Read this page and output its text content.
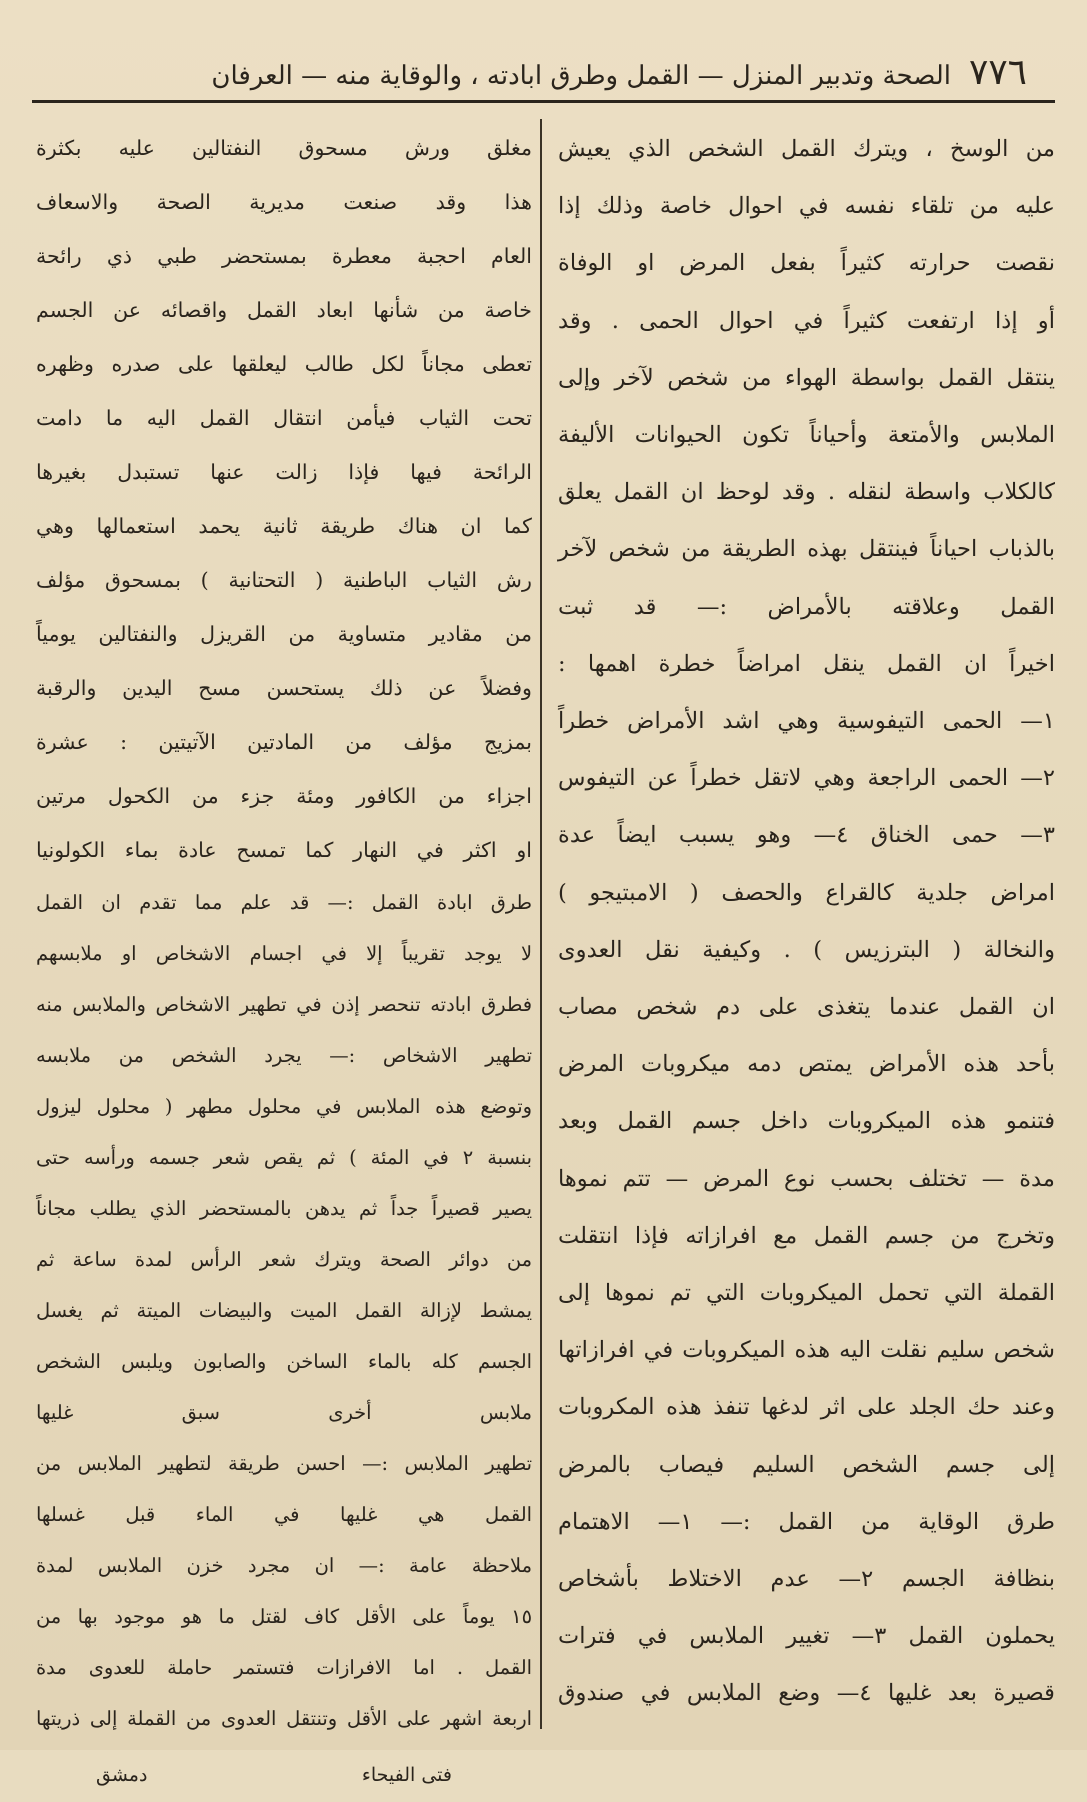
٧٧٦
الصحة وتدبير المنزل — القمل وطرق ابادته ، والوقاية منه — العرفان
من الوسخ ، ويترك القمل الشخص الذي يعيش
عليه من تلقاء نفسه في احوال خاصة وذلك إذا
نقصت حرارته كثيراً بفعل المرض او الوفاة
أو إذا ارتفعت كثيراً في احوال الحمى . وقد
ينتقل القمل بواسطة الهواء من شخص لآخر وإلى
الملابس والأمتعة وأحياناً تكون الحيوانات الأليفة
كالكلاب واسطة لنقله . وقد لوحظ ان القمل يعلق
بالذباب احياناً فينتقل بهذه الطريقة من شخص لآخر
القمل وعلاقته بالأمراض :— قد ثبت
اخيراً ان القمل ينقل امراضاً خطرة اهمها :
١— الحمى التيفوسية وهي اشد الأمراض خطراً
٢— الحمى الراجعة وهي لاتقل خطراً عن التيفوس
٣— حمى الخناق ٤— وهو يسبب ايضاً عدة
امراض جلدية كالقراع والحصف ( الامبتيجو )
والنخالة ( البترزيس ) . وكيفية نقل العدوى
ان القمل عندما يتغذى على دم شخص مصاب
بأحد هذه الأمراض يمتص دمه ميكروبات المرض
فتنمو هذه الميكروبات داخل جسم القمل وبعد
مدة — تختلف بحسب نوع المرض — تتم نموها
وتخرج من جسم القمل مع افرازاته فإذا انتقلت
القملة التي تحمل الميكروبات التي تم نموها إلى
شخص سليم نقلت اليه هذه الميكروبات في افرازاتها
وعند حك الجلد على اثر لدغها تنفذ هذه المكروبات
إلى جسم الشخص السليم فيصاب بالمرض
طرق الوقاية من القمل :— ١— الاهتمام
بنظافة الجسم ٢— عدم الاختلاط بأشخاص
يحملون القمل ٣— تغيير الملابس في فترات
قصيرة بعد غليها ٤— وضع الملابس في صندوق
مغلق ورش مسحوق النفتالين عليه بكثرة
هذا وقد صنعت مديرية الصحة والاسعاف
العام احجبة معطرة بمستحضر طبي ذي رائحة
خاصة من شأنها ابعاد القمل واقصائه عن الجسم
تعطى مجاناً لكل طالب ليعلقها على صدره وظهره
تحت الثياب فيأمن انتقال القمل اليه ما دامت
الرائحة فيها فإذا زالت عنها تستبدل بغيرها
كما ان هناك طريقة ثانية يحمد استعمالها وهي
رش الثياب الباطنية ( التحتانية ) بمسحوق مؤلف
من مقادير متساوية من القريزل والنفتالين يومياً
وفضلاً عن ذلك يستحسن مسح اليدين والرقبة
بمزيج مؤلف من المادتين الآتيتين : عشرة
اجزاء من الكافور ومئة جزء من الكحول مرتين
او اكثر في النهار كما تمسح عادة بماء الكولونيا
طرق ابادة القمل :— قد علم مما تقدم ان القمل
لا يوجد تقريباً إلا في اجسام الاشخاص او ملابسهم
فطرق ابادته تنحصر إذن في تطهير الاشخاص والملابس منه
تطهير الاشخاص :— يجرد الشخص من ملابسه
وتوضع هذه الملابس في محلول مطهر ( محلول ليزول
بنسبة ٢ في المئة ) ثم يقص شعر جسمه ورأسه حتى
يصير قصيراً جداً ثم يدهن بالمستحضر الذي يطلب مجاناً
من دوائر الصحة ويترك شعر الرأس لمدة ساعة ثم
يمشط لإزالة القمل الميت والبيضات الميتة ثم يغسل
الجسم كله بالماء الساخن والصابون ويلبس الشخص
ملابس أخرى سبق غليها
تطهير الملابس :— احسن طريقة لتطهير الملابس من
القمل هي غليها في الماء قبل غسلها
ملاحظة عامة :— ان مجرد خزن الملابس لمدة
١٥ يوماً على الأقل كاف لقتل ما هو موجود بها من
القمل . اما الافرازات فتستمر حاملة للعدوى مدة
اربعة اشهر على الأقل وتنتقل العدوى من القملة إلى ذريتها
فتى الفيحاء
دمشق
